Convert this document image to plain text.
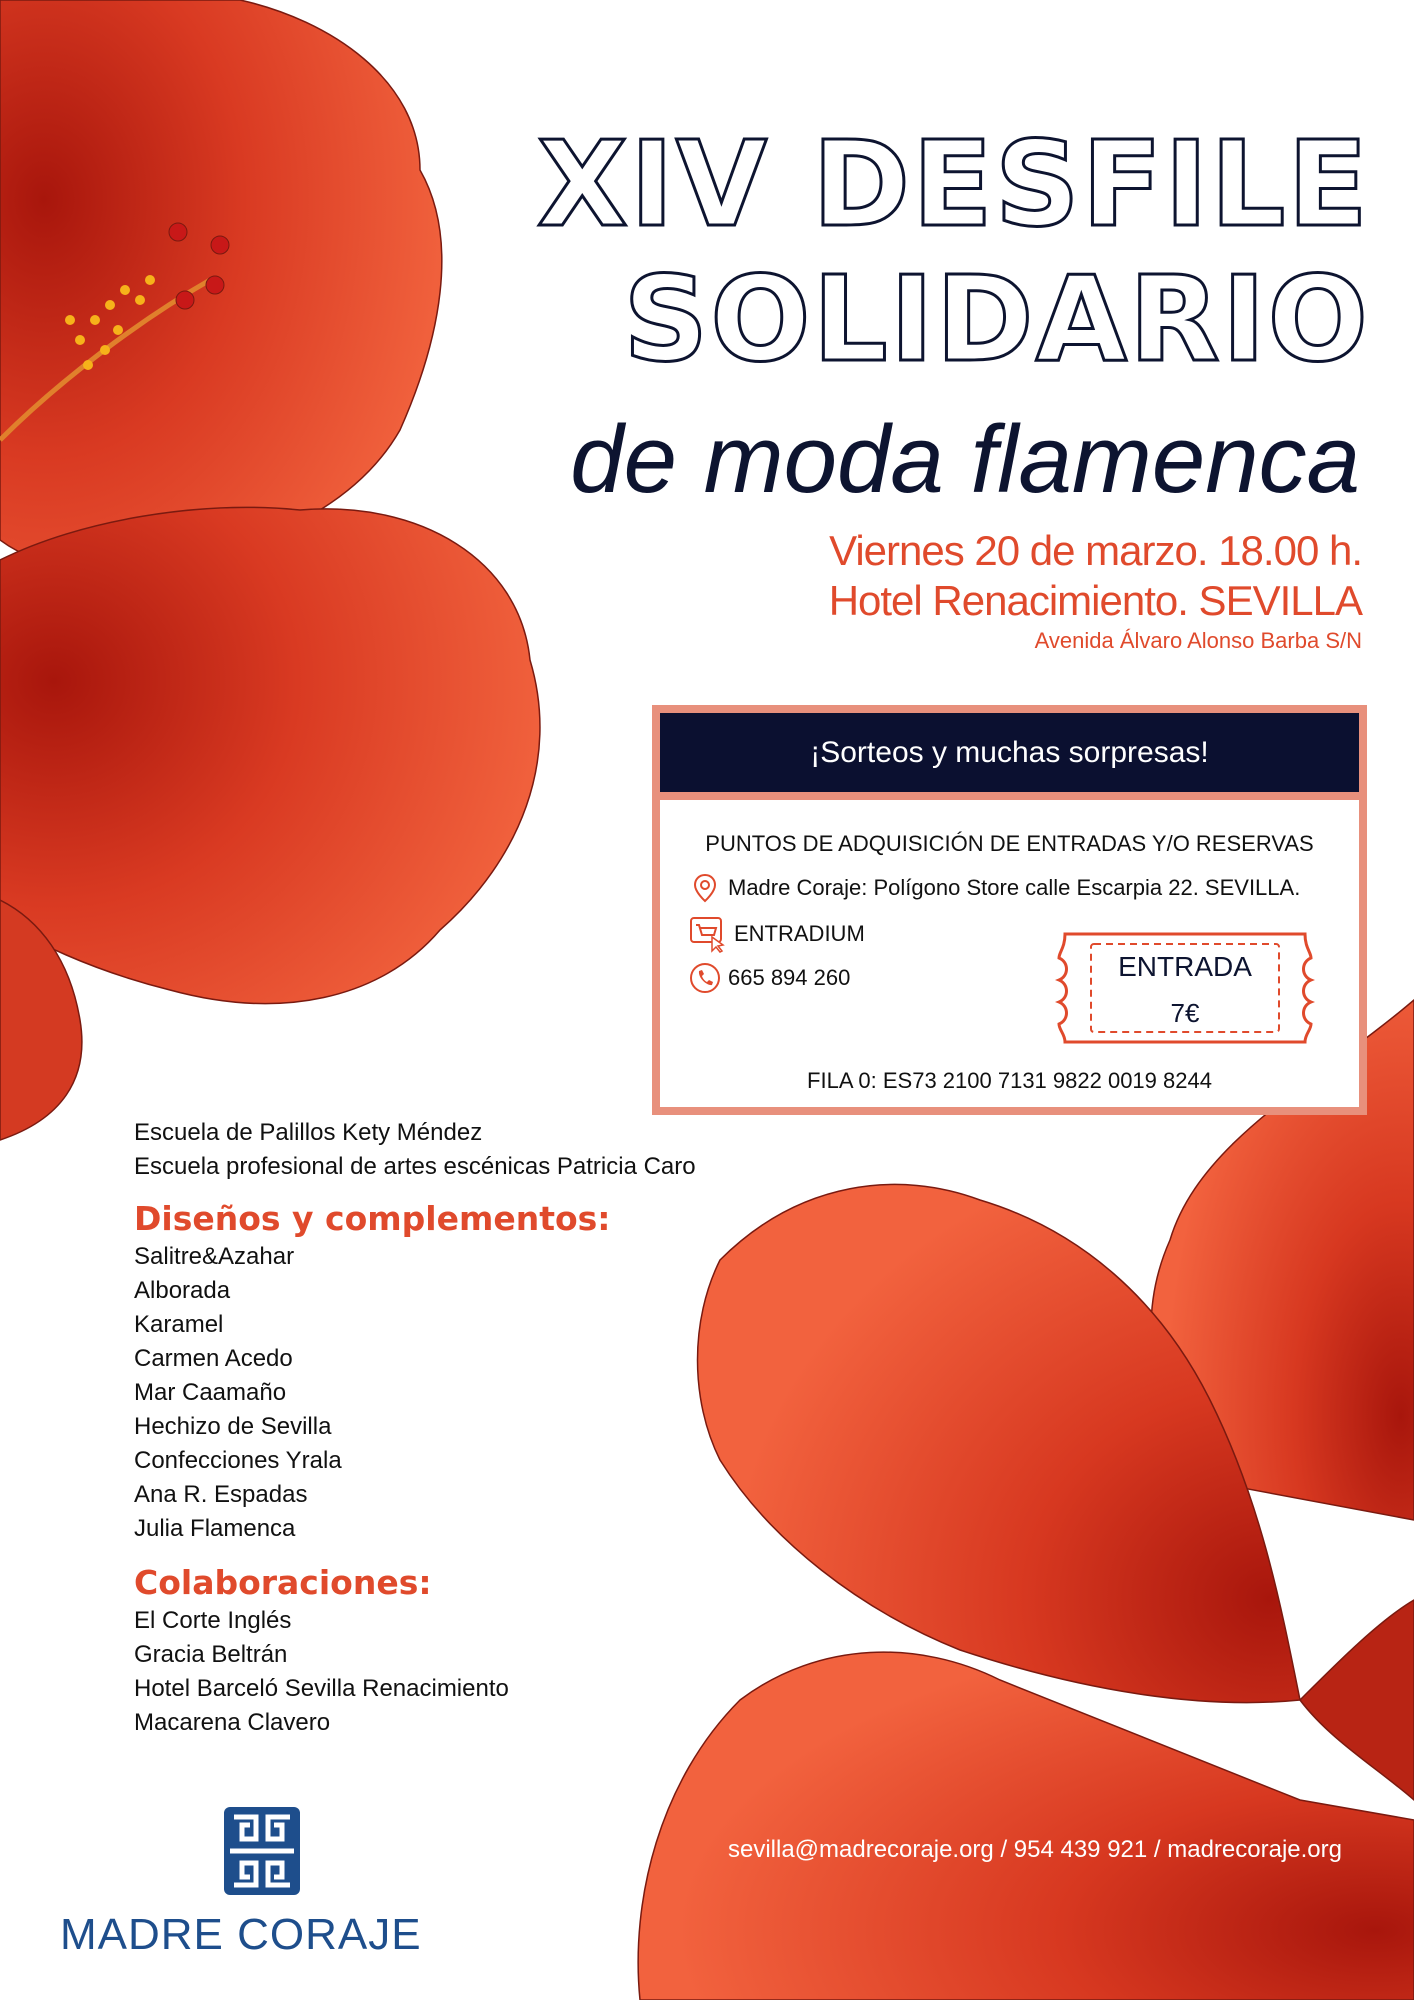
XIV DESFILE
SOLIDARIO
de moda flamenca
Viernes 20 de marzo. 18.00 h.
Hotel Renacimiento. SEVILLA
Avenida Álvaro Alonso Barba S/N
¡Sorteos y muchas sorpresas!
PUNTOS DE ADQUISICIÓN DE ENTRADAS Y/O RESERVAS
Madre Coraje: Polígono Store calle Escarpia 22. SEVILLA.
ENTRADIUM
665 894 260	ENTRADA
7€
FILA 0: ES73 2100 7131 9822 0019 8244
Escuela de Palillos Kety Méndez
Escuela profesional de artes escénicas Patricia Caro
Diseños y complementos:
Salitre&Azahar
Alborada
Karamel
Carmen Acedo
Mar Caamaño
Hechizo de Sevilla
Confecciones Yrala
Ana R. Espadas
Julia Flamenca
Colaboraciones:
El Corte Inglés
Gracia Beltrán
Hotel Barceló Sevilla Renacimiento
Macarena Clavero
sevilla@madrecoraje.org / 954 439 921 / madrecoraje.org
MADRE CORAJE
